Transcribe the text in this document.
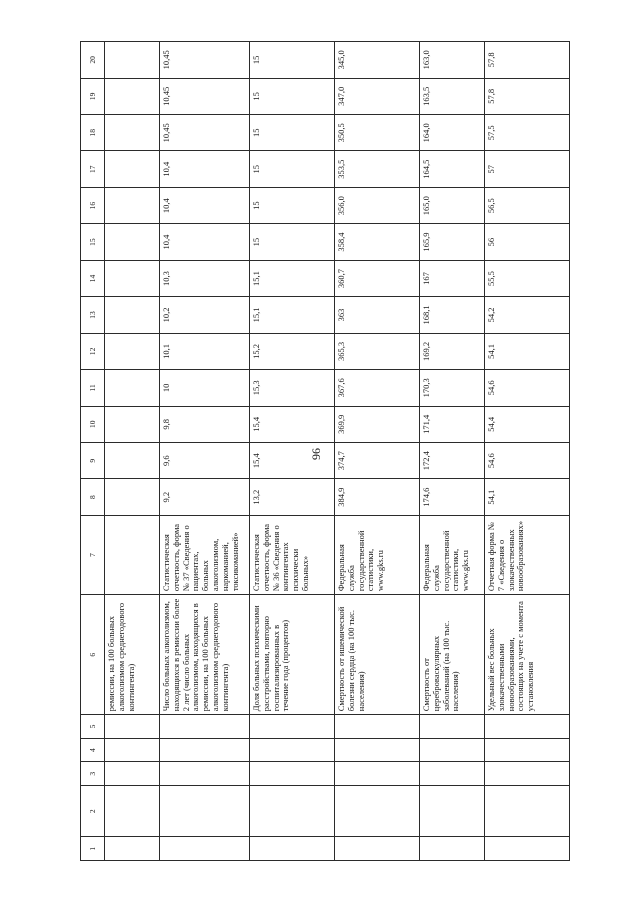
96
1	2	3	4	5	6	7	8	9	10	11	12	13	14	15	16	17	18	19	20
					ремиссии, на 100 больных алкоголизмом среднегодового контингента)														
					Число больных алкоголизмом, находящихся в ремиссии более 2 лет (число больных алкоголизмом, находящихся в ремиссии, на 100 больных алкоголизмом среднегодового контингента)	Статистическая отчетность, форма № 37 «Сведения о пациентах, больных алкоголизмом, наркоманией, токсикоманией»	9,2	9,6	9,8	10	10,1	10,2	10,3	10,4	10,4	10,4	10,45	10,45	10,45
					Доля больных психическими расстройствами, повторно госпитализированных в течение года (процентов)	Статистическая отчетность, форма № 36 «Сведения о контингентах психически больных»	13,2	15,4	15,4	15,3	15,2	15,1	15,1	15	15	15	15	15	15
					Смертность от ишемической болезни сердца (на 100 тыс. населения)	Федеральная служба государственной статистики, www.gks.ru	384,9	374,7	369,9	367,6	365,3	363	360,7	358,4	356,0	353,5	350,5	347,0	345,0
					Смертность от цереброваскулярных заболеваний (на 100 тыс. населения)	Федеральная служба государственной статистики, www.gks.ru	174,6	172,4	171,4	170,3	169,2	168,1	167	165,9	165,0	164,5	164,0	163,5	163,0
					Удельный вес больных злокачественными новообразованиями, состоящих на учете с момента установления	Отчетная форма № 7 «Сведения о злокачественных новообразованиях»	54,1	54,6	54,4	54,6	54,1	54,2	55,5	56	56,5	57	57,5	57,8	57,8
